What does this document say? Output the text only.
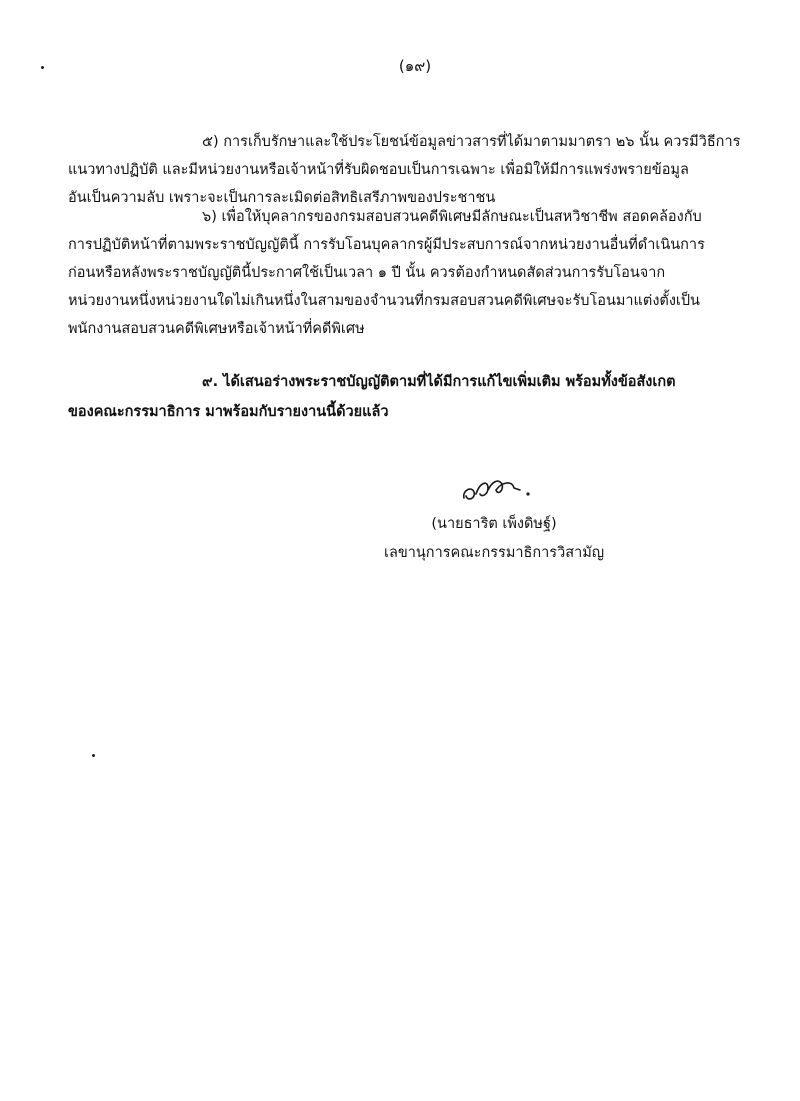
(๑๙)
๕) การเก็บรักษาและใช้ประโยชน์ข้อมูลข่าวสารที่ได้มาตามมาตรา ๒๖ นั้น ควรมีวิธีการ
แนวทางปฏิบัติ และมีหน่วยงานหรือเจ้าหน้าที่รับผิดชอบเป็นการเฉพาะ เพื่อมิให้มีการแพร่งพรายข้อมูล
อันเป็นความลับ เพราะจะเป็นการละเมิดต่อสิทธิเสรีภาพของประชาชน
๖) เพื่อให้บุคลากรของกรมสอบสวนคดีพิเศษมีลักษณะเป็นสหวิชาชีพ สอดคล้องกับ
การปฏิบัติหน้าที่ตามพระราชบัญญัตินี้ การรับโอนบุคลากรผู้มีประสบการณ์จากหน่วยงานอื่นที่ดำเนินการ
ก่อนหรือหลังพระราชบัญญัตินี้ประกาศใช้เป็นเวลา ๑ ปี นั้น ควรต้องกำหนดสัดส่วนการรับโอนจาก
หน่วยงานหนึ่งหน่วยงานใดไม่เกินหนึ่งในสามของจำนวนที่กรมสอบสวนคดีพิเศษจะรับโอนมาแต่งตั้งเป็น
พนักงานสอบสวนคดีพิเศษหรือเจ้าหน้าที่คดีพิเศษ
๙. ได้เสนอร่างพระราชบัญญัติตามที่ได้มีการแก้ไขเพิ่มเติม พร้อมทั้งข้อสังเกต
ของคณะกรรมาธิการ มาพร้อมกับรายงานนี้ด้วยแล้ว
(นายธาริต เพ็งดิษฐ์)
เลขานุการคณะกรรมาธิการวิสามัญ
